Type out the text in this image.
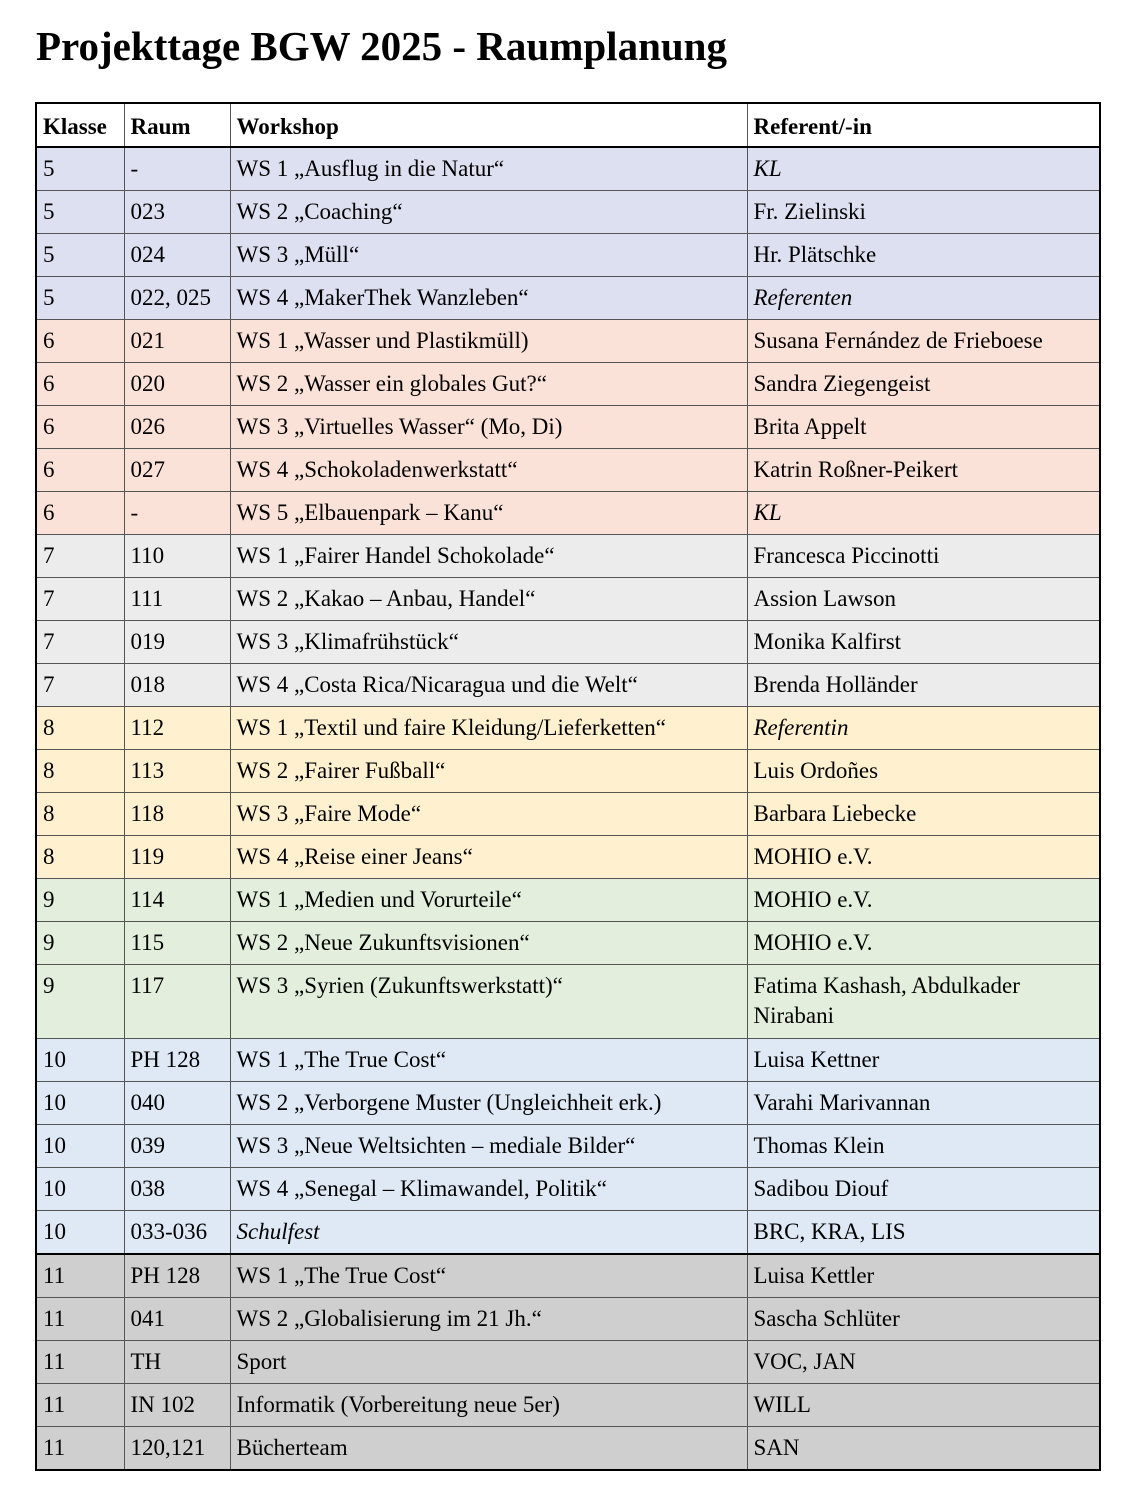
Projekttage BGW 2025 - Raumplanung
Klasse	Raum	Workshop	Referent/-in
5	-	WS 1 „Ausflug in die Natur“	KL
5	023	WS 2 „Coaching“	Fr. Zielinski
5	024	WS 3 „Müll“	Hr. Plätschke
5	022, 025	WS 4 „MakerThek Wanzleben“	Referenten
6	021	WS 1 „Wasser und Plastikmüll)	Susana Fernández de Frieboese
6	020	WS 2 „Wasser ein globales Gut?“	Sandra Ziegengeist
6	026	WS 3 „Virtuelles Wasser“ (Mo, Di)	Brita Appelt
6	027	WS 4 „Schokoladenwerkstatt“	Katrin Roßner-Peikert
6	-	WS 5 „Elbauenpark – Kanu“	KL
7	110	WS 1 „Fairer Handel Schokolade“	Francesca Piccinotti
7	111	WS 2 „Kakao – Anbau, Handel“	Assion Lawson
7	019	WS 3 „Klimafrühstück“	Monika Kalfirst
7	018	WS 4 „Costa Rica/Nicaragua und die Welt“	Brenda Holländer
8	112	WS 1 „Textil und faire Kleidung/Lieferketten“	Referentin
8	113	WS 2 „Fairer Fußball“	Luis Ordoñes
8	118	WS 3 „Faire Mode“	Barbara Liebecke
8	119	WS 4 „Reise einer Jeans“	MOHIO e.V.
9	114	WS 1 „Medien und Vorurteile“	MOHIO e.V.
9	115	WS 2 „Neue Zukunftsvisionen“	MOHIO e.V.
9	117	WS 3 „Syrien (Zukunftswerkstatt)“	Fatima Kashash, Abdulkader Nirabani
10	PH 128	WS 1 „The True Cost“	Luisa Kettner
10	040	WS 2 „Verborgene Muster (Ungleichheit erk.)	Varahi Marivannan
10	039	WS 3 „Neue Weltsichten – mediale Bilder“	Thomas Klein
10	038	WS 4 „Senegal – Klimawandel, Politik“	Sadibou Diouf
10	033-036	Schulfest	BRC, KRA, LIS
11	PH 128	WS 1 „The True Cost“	Luisa Kettler
11	041	WS 2 „Globalisierung im 21 Jh.“	Sascha Schlüter
11	TH	Sport	VOC, JAN
11	IN 102	Informatik (Vorbereitung neue 5er)	WILL
11	120,121	Bücherteam	SAN
